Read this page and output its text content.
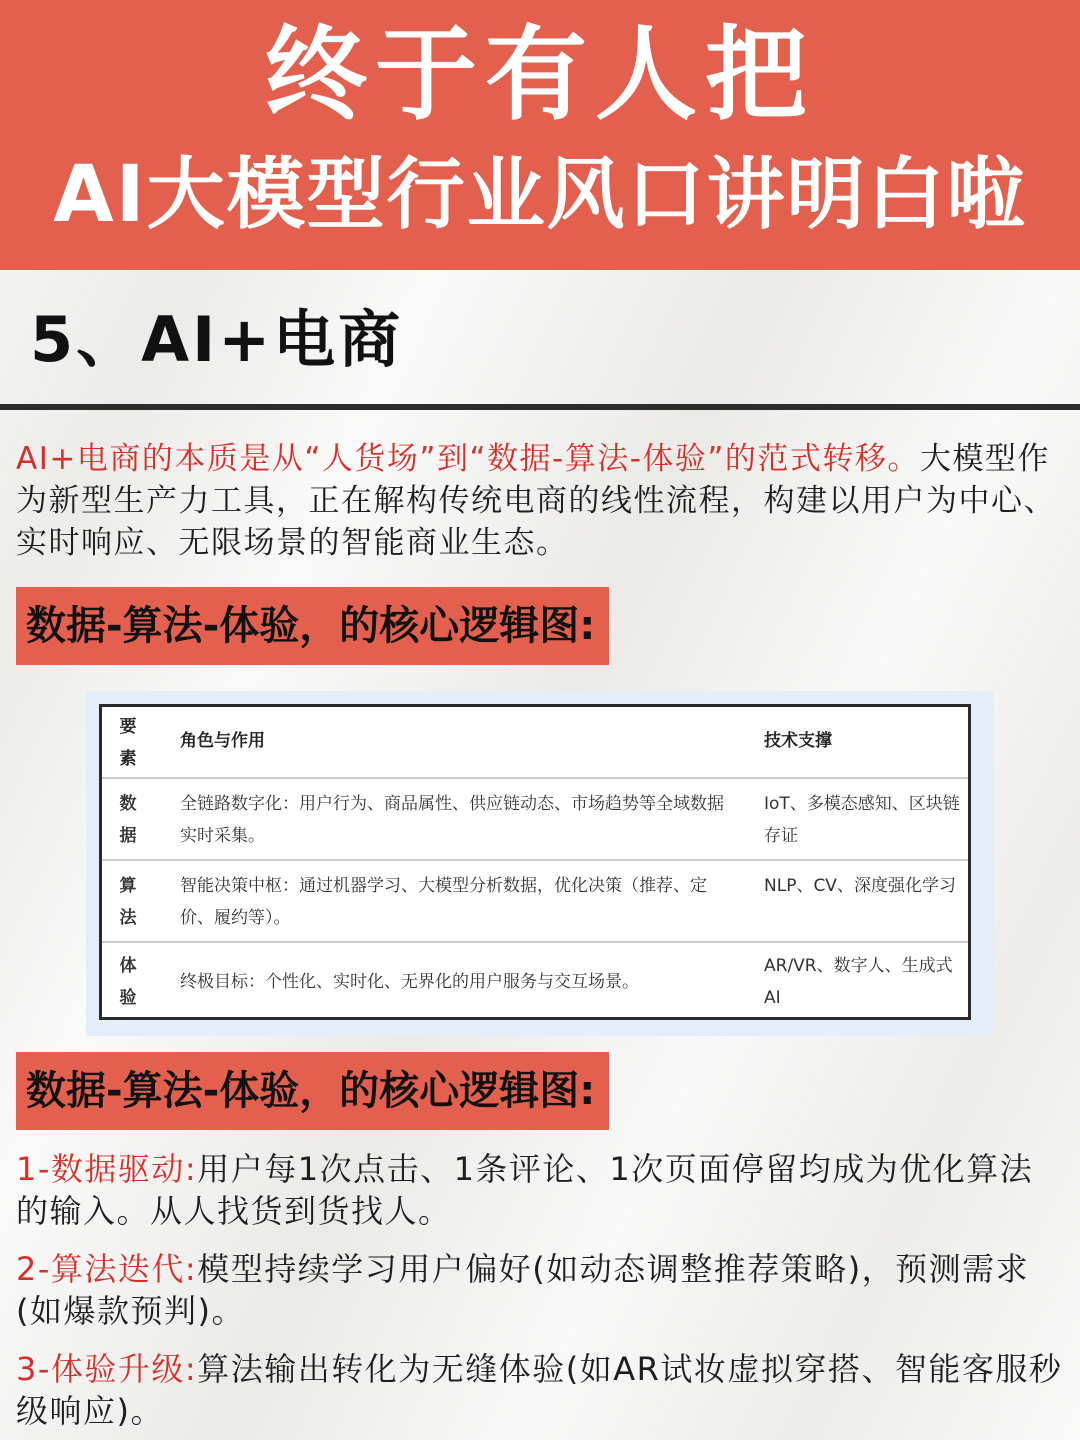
终于有人把
AI大模型行业风口讲明白啦
5、AI+电商
AI+电商的本质是从“人货场”到“数据-算法-体验”的范式转移。大模型作为新型生产力工具，正在解构传统电商的线性流程，构建以用户为中心、实时响应、无限场景的智能商业生态。
数据-算法-体验，的核心逻辑图:
要素
角色与作用	技术支撑
数据
全链路数字化：用户行为、商品属性、供应链动态、市场趋势等全域数据实时采集。
IoT、多模态感知、区块链存证
算法
智能决策中枢：通过机器学习、大模型分析数据，优化决策（推荐、定价、履约等）。
NLP、CV、深度强化学习
体验
终极目标：个性化、实时化、无界化的用户服务与交互场景。
AR/VR、数字人、生成式AI
数据-算法-体验，的核心逻辑图:
1-数据驱动:用户每1次点击、1条评论、1次页面停留均成为优化算法的输入。从人找货到货找人。
2-算法迭代:模型持续学习用户偏好(如动态调整推荐策略)，预测需求(如爆款预判)。
3-体验升级:算法输出转化为无缝体验(如AR试妆虚拟穿搭、智能客服秒级响应)。
